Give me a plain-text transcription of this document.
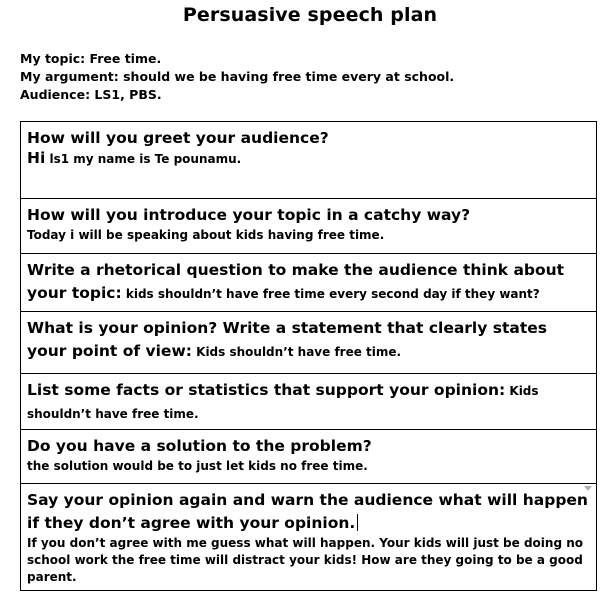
Persuasive speech plan
My topic: Free time.
My argument: should we be having free time every at school.
Audience: LS1, PBS.
How will you greet your audience?
Hi ls1 my name is Te pounamu.

How will you introduce your topic in a catchy way?
Today i will be speaking about kids having free time.

Write a rhetorical question to make the audience think about your topic: kids shouldn’t have free time every second day if they want?

What is your opinion? Write a statement that clearly states your point of view: Kids shouldn’t have free time.

List some facts or statistics that support your opinion: Kids shouldn’t have free time.

Do you have a solution to the problem?
the solution would be to just let kids no free time.

Say your opinion again and warn the audience what will happen if they don’t agree with your opinion.
If you don’t agree with me guess what will happen. Your kids will just be doing no school work the free time will distract your kids! How are they going to be a good parent.
